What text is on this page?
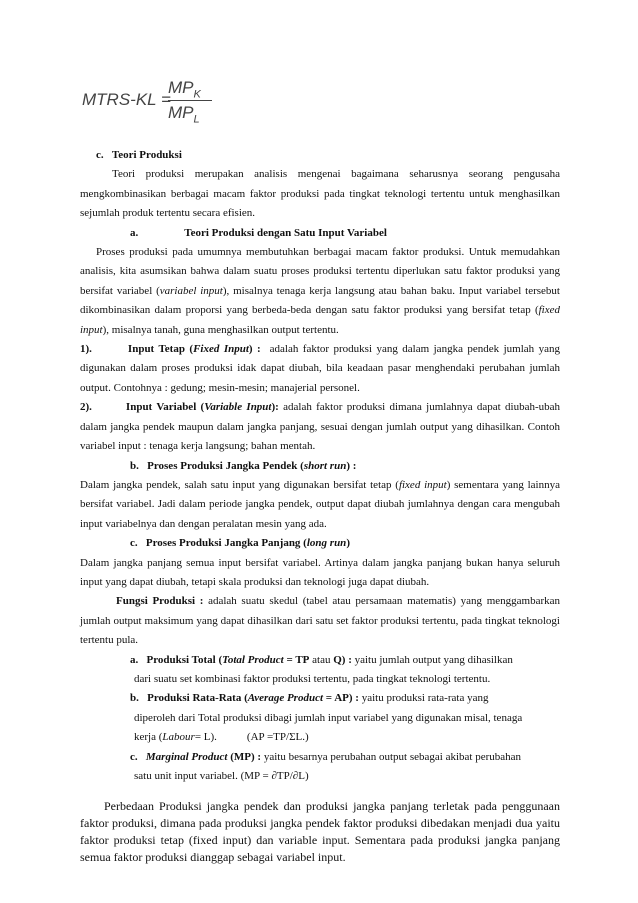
MTRS-KL =
$MP_K$
$MP_L$
c. Teori Produksi

Teori produksi merupakan analisis mengenai bagaimana seharusnya seorang pengusaha mengkombinasikan berbagai macam faktor produksi pada tingkat teknologi tertentu untuk menghasilkan sejumlah produk tertentu secara efisien.

a.	Teori Produksi dengan Satu Input Variabel

Proses produksi pada umumnya membutuhkan berbagai macam faktor produksi. Untuk memudahkan analisis, kita asumsikan bahwa dalam suatu proses produksi tertentu diperlukan satu faktor produksi yang bersifat variabel (variabel input), misalnya tenaga kerja langsung atau bahan baku. Input variabel tersebut dikombinasikan dalam proporsi yang berbeda-beda dengan satu faktor produksi yang bersifat tetap (fixed input), misalnya tanah, guna menghasilkan output tertentu.

1).	Input Tetap (Fixed Input) : adalah faktor produksi yang dalam jangka pendek jumlah yang digunakan dalam proses produksi idak dapat diubah, bila keadaan pasar menghendaki perubahan jumlah output. Contohnya : gedung; mesin-mesin; manajerial personel.

2).	Input Variabel (Variable Input): adalah faktor produksi dimana jumlahnya dapat diubah-ubah dalam jangka pendek maupun dalam jangka panjang, sesuai dengan jumlah output yang dihasilkan. Contoh variabel input : tenaga kerja langsung; bahan mentah.

b. Proses Produksi Jangka Pendek (short run) :

Dalam jangka pendek, salah satu input yang digunakan bersifat tetap (fixed input) sementara yang lainnya bersifat variabel. Jadi dalam periode jangka pendek, output dapat diubah jumlahnya dengan cara mengubah input variabelnya dan dengan peralatan mesin yang ada.

c. Proses Produksi Jangka Panjang (long run)

Dalam jangka panjang semua input bersifat variabel. Artinya dalam jangka panjang bukan hanya seluruh input yang dapat diubah, tetapi skala produksi dan teknologi juga dapat diubah.

Fungsi Produksi : adalah suatu skedul (tabel atau persamaan matematis) yang menggambarkan jumlah output maksimum yang dapat dihasilkan dari satu set faktor produksi tertentu, pada tingkat teknologi tertentu pula.

a. Produksi Total (Total Product = TP atau Q) : yaitu jumlah output yang dihasilkan
dari suatu set kombinasi faktor produksi tertentu, pada tingkat teknologi tertentu.
b. Produksi Rata-Rata (Average Product = AP) : yaitu produksi rata-rata yang
diperoleh dari Total produksi dibagi jumlah input variabel yang digunakan misal, tenaga
kerja (Labour= L).	(AP =TP/ΣL.)
c. Marginal Product (MP) : yaitu besarnya perubahan output sebagai akibat perubahan
satu unit input variabel. (MP = ∂TP/∂L)

Perbedaan Produksi jangka pendek dan produksi jangka panjang terletak pada penggunaan faktor produksi, dimana pada produksi jangka pendek faktor produksi dibedakan menjadi dua yaitu faktor produksi tetap (fixed input) dan variable input. Sementara pada produksi jangka panjang semua faktor produksi dianggap sebagai variabel input.
